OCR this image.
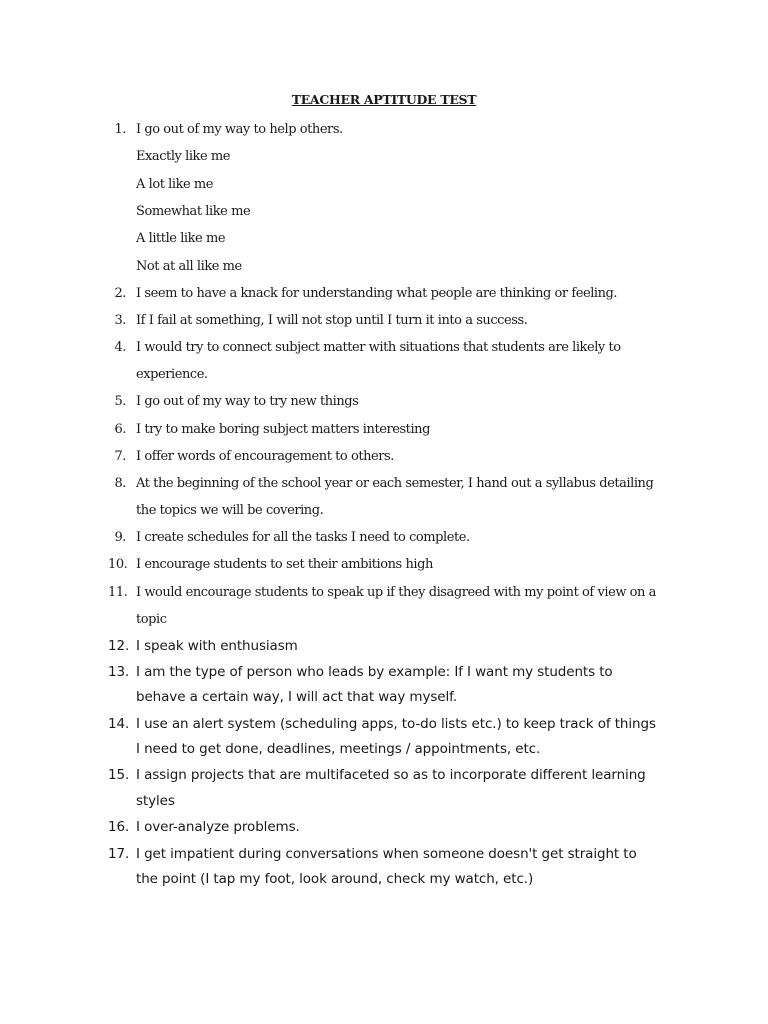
TEACHER APTITUDE TEST
1. I go out of my way to help others.
Exactly like me
A lot like me
Somewhat like me
A little like me
Not at all like me
2. I seem to have a knack for understanding what people are thinking or feeling.
3. If I fail at something, I will not stop until I turn it into a success.
4. I would try to connect subject matter with situations that students are likely to
experience.
5. I go out of my way to try new things
6. I try to make boring subject matters interesting
7. I offer words of encouragement to others.
8. At the beginning of the school year or each semester, I hand out a syllabus detailing
the topics we will be covering.
9. I create schedules for all the tasks I need to complete.
10. I encourage students to set their ambitions high
11. I would encourage students to speak up if they disagreed with my point of view on a
topic
12. I speak with enthusiasm
13. I am the type of person who leads by example: If I want my students to
behave a certain way, I will act that way myself.
14. I use an alert system (scheduling apps, to-do lists etc.) to keep track of things
I need to get done, deadlines, meetings / appointments, etc.
15. I assign projects that are multifaceted so as to incorporate different learning
styles
16. I over-analyze problems.
17. I get impatient during conversations when someone doesn't get straight to
the point (I tap my foot, look around, check my watch, etc.)
